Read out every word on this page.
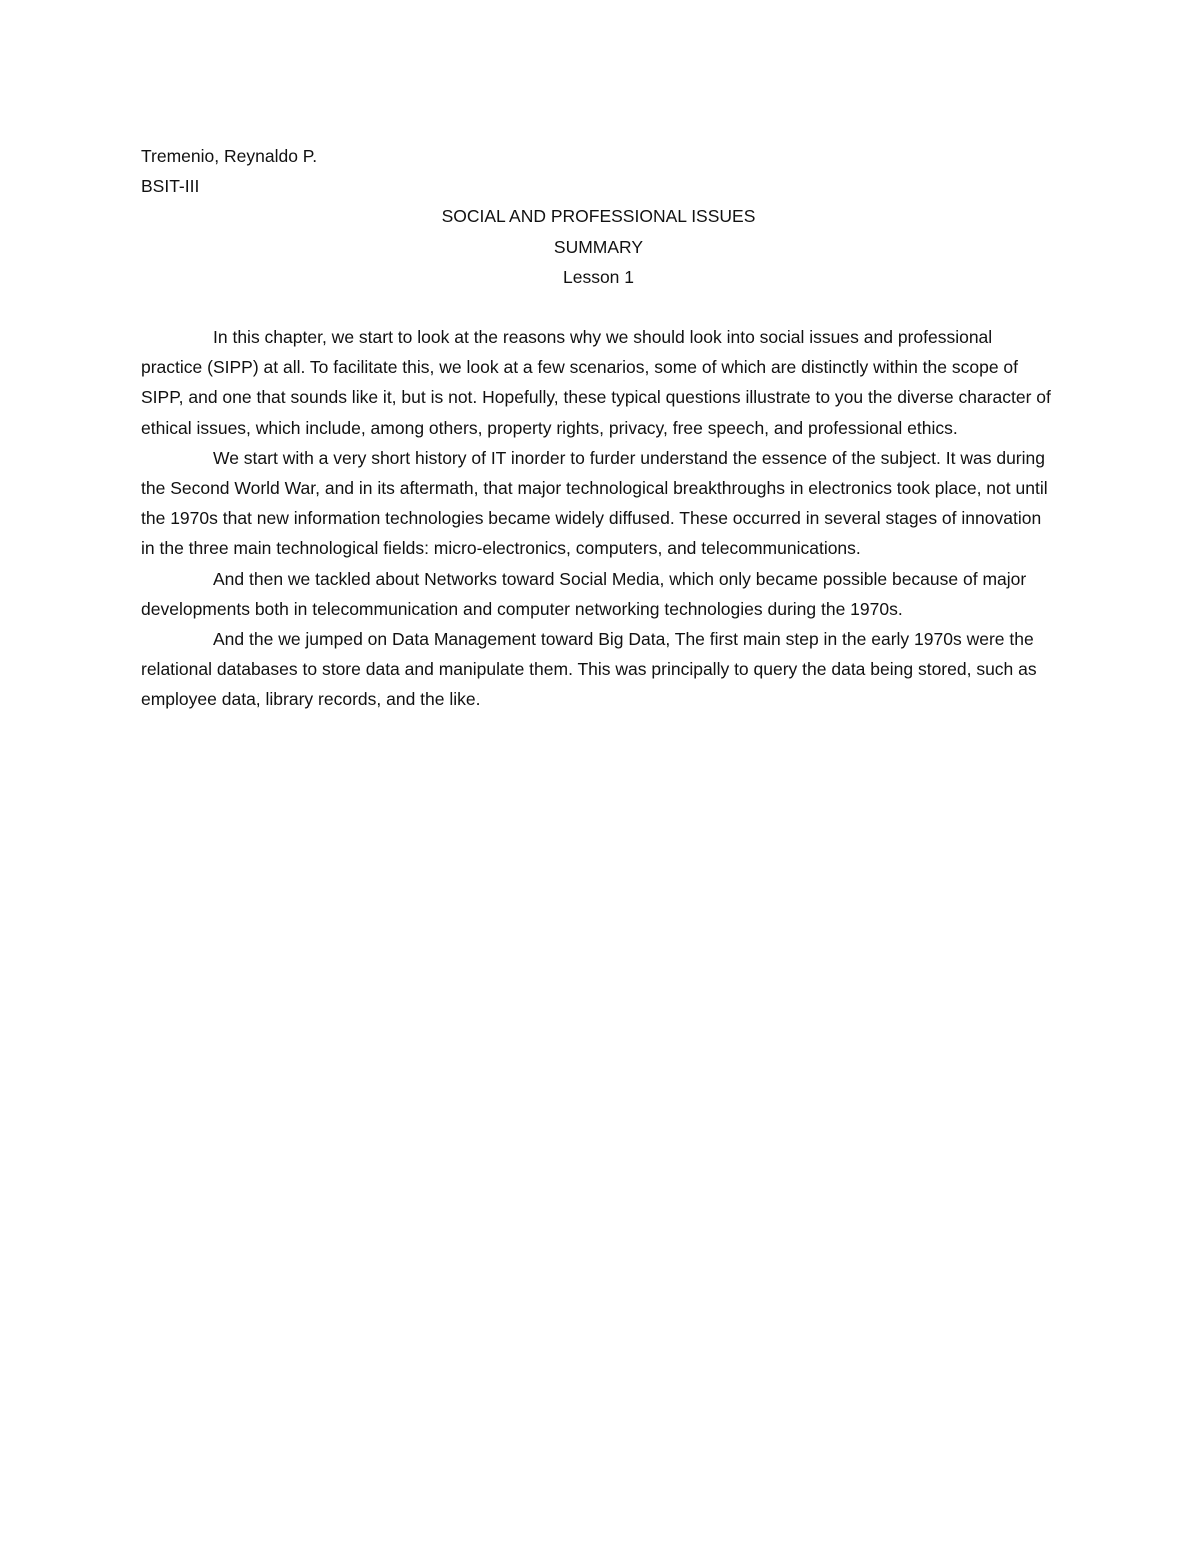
Tremenio, Reynaldo P.

BSIT-III

SOCIAL AND PROFESSIONAL ISSUES

SUMMARY

Lesson 1

In this chapter, we start to look at the reasons why we should look into social issues and professional practice (SIPP) at all. To facilitate this, we look at a few scenarios, some of which are distinctly within the scope of SIPP, and one that sounds like it, but is not. Hopefully, these typical questions illustrate to you the diverse character of ethical issues, which include, among others, property rights, privacy, free speech, and professional ethics.

We start with a very short history of IT inorder to furder understand the essence of the subject. It was during the Second World War, and in its aftermath, that major technological breakthroughs in electronics took place, not until the 1970s that new information technologies became widely diffused. These occurred in several stages of innovation in the three main technological fields: micro-electronics, computers, and telecommunications.

And then we tackled about Networks toward Social Media, which only became possible because of major developments both in telecommunication and computer networking technologies during the 1970s.

And the we jumped on Data Management toward Big Data, The first main step in the early 1970s were the relational databases to store data and manipulate them. This was principally to query the data being stored, such as employee data, library records, and the like.
